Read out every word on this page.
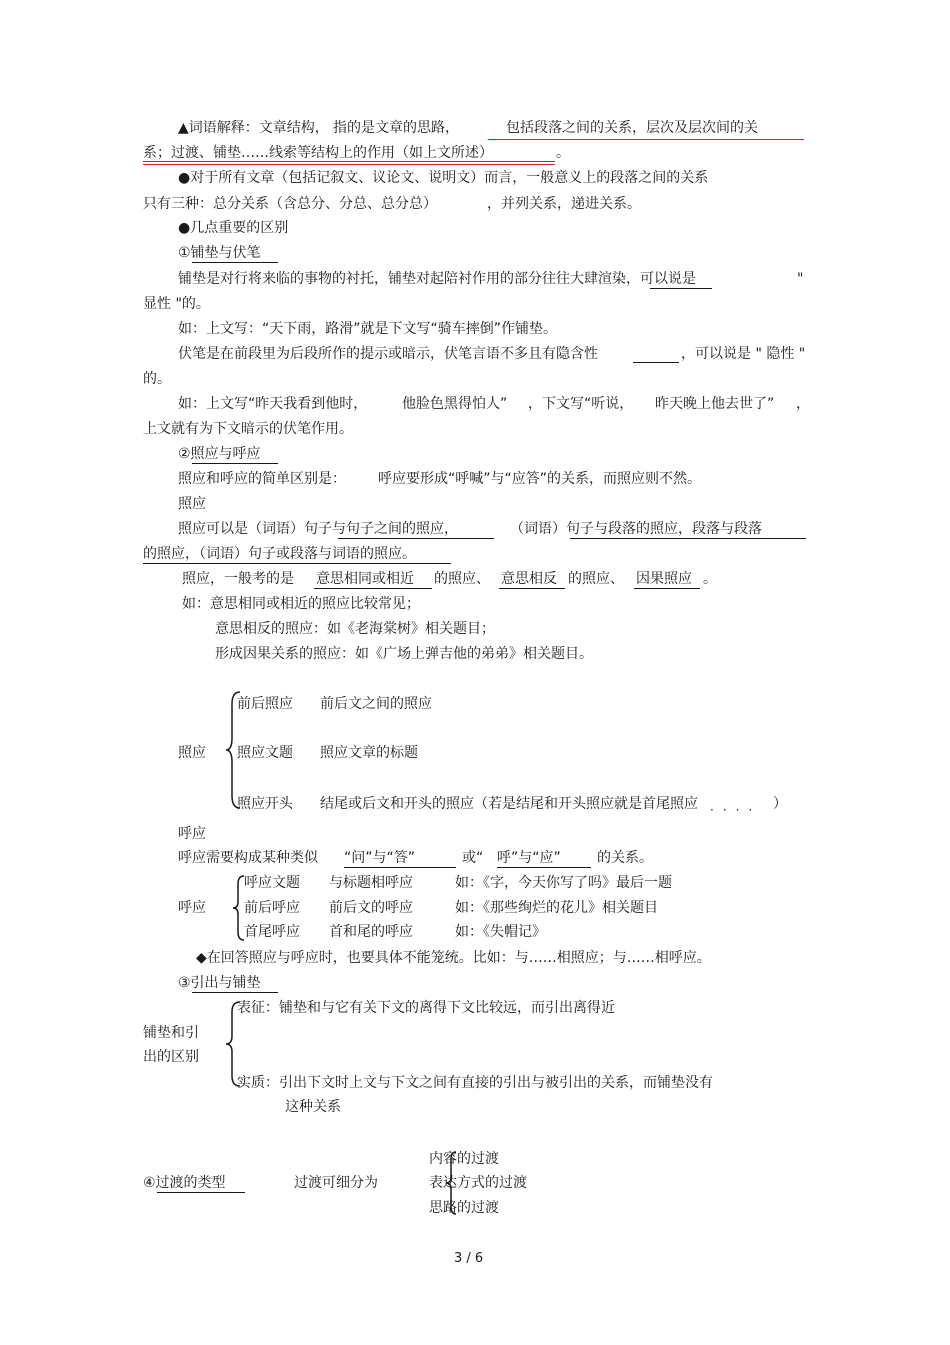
▲词语解释：文章结构， 指的是文章的思路，	包括段落之间的关系，层次及层次间的关
系；过渡、铺垫……线索等结构上的作用（如上文所述）	。
●对于所有文章（包括记叙文、议论文、说明文）而言，一般意义上的段落之间的关系
只有三种：总分关系（含总分、分总、总分总）	，并列关系，递进关系。
●几点重要的区别
①铺垫与伏笔
铺垫是对行将来临的事物的衬托，铺垫对起陪衬作用的部分往往大肆渲染，可以说是	"
显性 "的。
如：上文写：“天下雨，路滑”就是下文写“骑车摔倒”作铺垫。
伏笔是在前段里为后段所作的提示或暗示，伏笔言语不多且有隐含性	，可以说是 " 隐性 "
的。
如：上文写“昨天我看到他时， 他脸色黑得怕人” ，下文写“听说， 昨天晚上他去世了” ，
上文就有为下文暗示的伏笔作用。
②照应与呼应
照应和呼应的简单区别是： 呼应要形成“呼喊”与“应答”的关系，而照应则不然。
照应
照应可以是（词语）句子与句子之间的照应，	（词语）句子与段落的照应，段落与段落
的照应，（词语）句子或段落与词语的照应。
照应，一般考的是 意思相同或相近 的照应、 意思相反 的照应、 因果照应 。
如：意思相同或相近的照应比较常见；
意思相反的照应：如《老海棠树》相关题目；
形成因果关系的照应：如《广场上弹吉他的弟弟》相关题目。
照应
前后照应 前后文之间的照应
照应文题 照应文章的标题
照应开头 结尾或后文和开头的照应（若是结尾和开头照应就是首尾照应	）
····
呼应
呼应需要构成某种类似 “问”与“答”	或“ 呼”与“应”	的关系。
呼应
呼应文题 与标题相呼应	如：《字，今天你写了吗》最后一题
前后呼应 前后文的呼应	如：《那些绚烂的花儿》相关题目
首尾呼应 首和尾的呼应	如：《失帽记》
◆在回答照应与呼应时，也要具体不能笼统。比如：与……相照应；与……相呼应。
③引出与铺垫
表征：铺垫和与它有关下文的离得下文比较远，而引出离得近
铺垫和引
出的区别
实质：引出下文时上文与下文之间有直接的引出与被引出的关系，而铺垫没有
这种关系
④过渡的类型	过渡可细分为
内容的过渡
表达方式的过渡
思路的过渡
3 / 6
